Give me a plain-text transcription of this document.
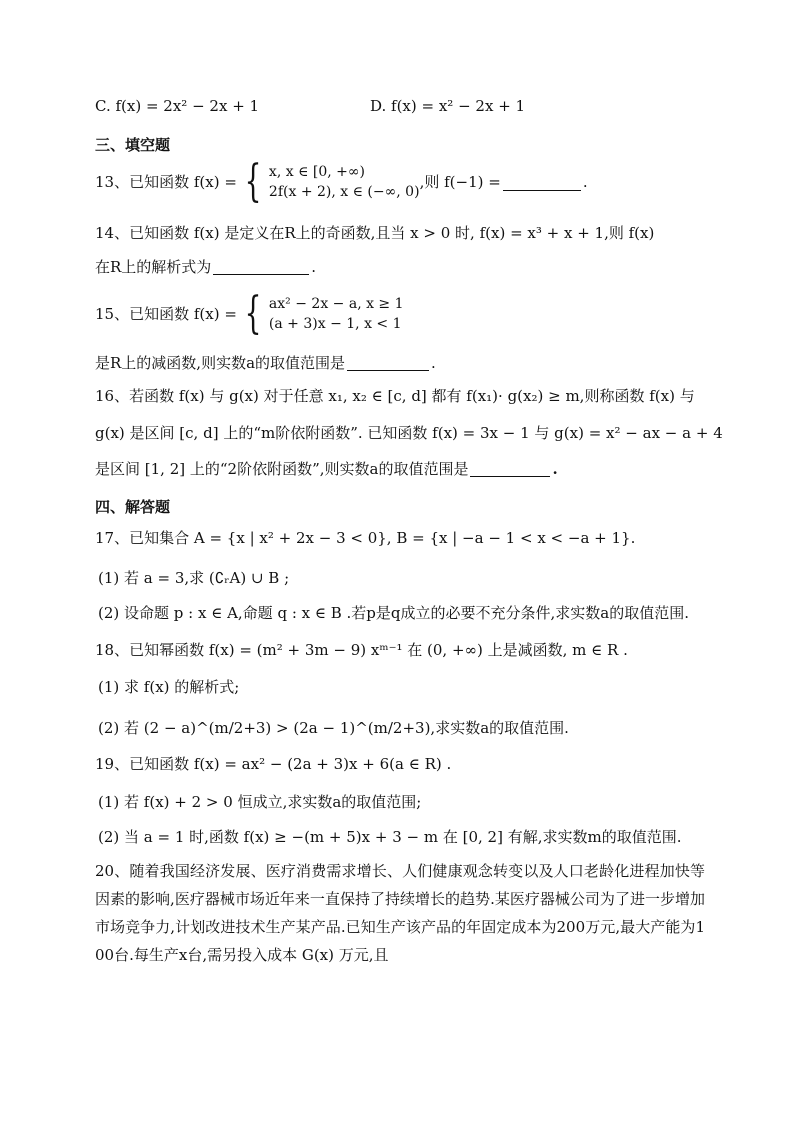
C. f(x) = 2x² − 2x + 1	D. f(x) = x² − 2x + 1
三、填空题
13、已知函数 f(x) = { x, x ∈ [0, +∞)
2f(x + 2), x ∈ (−∞, 0)
,则 f(−1) =	.
14、已知函数 f(x) 是定义在R上的奇函数,且当 x > 0 时, f(x) = x³ + x + 1,则 f(x)
在R上的解析式为	.
15、已知函数 f(x) = { ax² − 2x − a, x ≥ 1
(a + 3)x − 1, x < 1
是R上的减函数,则实数a的取值范围是	.
16、若函数 f(x) 与 g(x) 对于任意 x₁, x₂ ∈ [c, d] 都有 f(x₁)· g(x₂) ≥ m,则称函数 f(x) 与
g(x) 是区间 [c, d] 上的“m阶依附函数”. 已知函数 f(x) = 3x − 1 与 g(x) = x² − ax − a + 4
是区间 [1, 2] 上的“2阶依附函数”,则实数a的取值范围是	.
四、解答题
17、已知集合 A = {x | x² + 2x − 3 < 0}, B = {x | −a − 1 < x < −a + 1}.
(1) 若 a = 3,求 (∁ᵣA) ∪ B ;
(2) 设命题 p : x ∈ A,命题 q : x ∈ B .若p是q成立的必要不充分条件,求实数a的取值范围.
18、已知幂函数 f(x) = (m² + 3m − 9) xᵐ⁻¹ 在 (0, +∞) 上是减函数, m ∈ R .
(1) 求 f(x) 的解析式;
(2) 若 (2 − a)^(m/2+3) > (2a − 1)^(m/2+3),求实数a的取值范围.
19、已知函数 f(x) = ax² − (2a + 3)x + 6(a ∈ R) .
(1) 若 f(x) + 2 > 0 恒成立,求实数a的取值范围;
(2) 当 a = 1 时,函数 f(x) ≥ −(m + 5)x + 3 − m 在 [0, 2] 有解,求实数m的取值范围.
20、随着我国经济发展、医疗消费需求增长、人们健康观念转变以及人口老龄化进程加快等因素的影响,医疗器械市场近年来一直保持了持续增长的趋势.某医疗器械公司为了进一步增加市场竞争力,计划改进技术生产某产品.已知生产该产品的年固定成本为200万元,最大产能为100台.每生产x台,需另投入成本 G(x) 万元,且
